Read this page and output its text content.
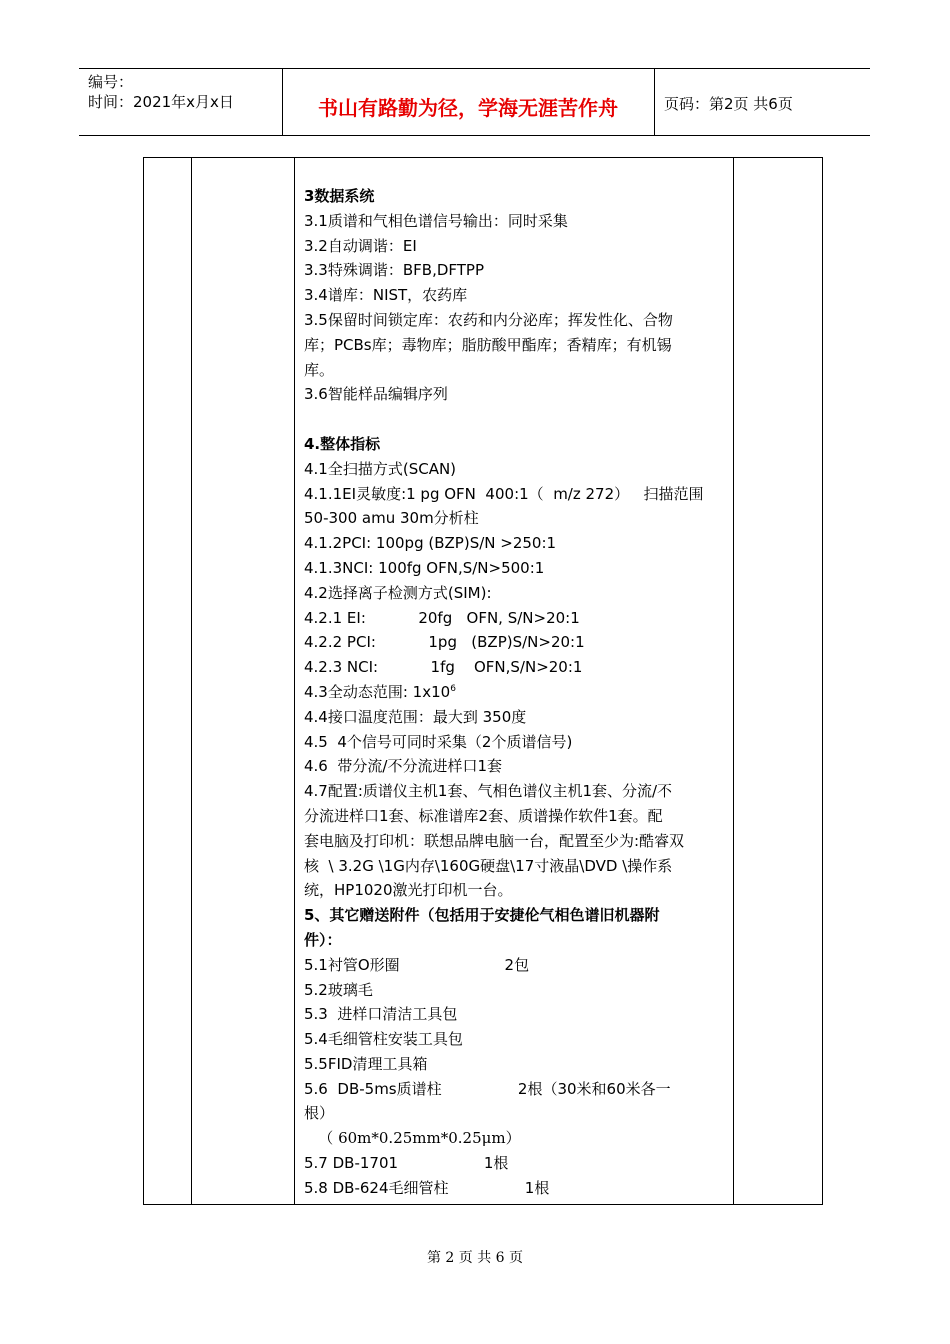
编号：
时间：2021年x月x日	书山有路勤为径，学海无涯苦作舟	页码：第2页 共6页
3数据系统
3.1质谱和气相色谱信号输出：同时采集
3.2自动调谐：EI
3.3特殊调谐：BFB,DFTPP
3.4谱库：NIST，农药库
3.5保留时间锁定库：农药和内分泌库；挥发性化、合物
库；PCBs库；毒物库；脂肪酸甲酯库；香精库；有机锡
库。
3.6智能样品编辑序列
4.整体指标
4.1全扫描方式(SCAN)
4.1.1EI灵敏度:1 pg OFN  400:1（  m/z 272）   扫描范围
50-300 amu 30m分析柱
4.1.2PCI: 100pg (BZP)S/N >250:1
4.1.3NCI: 100fg OFN,S/N>500:1
4.2选择离子检测方式(SIM):
4.2.1 EI:           20fg   OFN, S/N>20:1
4.2.2 PCI:           1pg   (BZP)S/N>20:1
4.2.3 NCI:           1fg    OFN,S/N>20:1
4.3全动态范围: $1x10^6$
4.4接口温度范围：最大到 350度
4.5  4个信号可同时采集（2个质谱信号)
4.6  带分流/不分流进样口1套
4.7配置:质谱仪主机1套、气相色谱仪主机1套、分流/不
分流进样口1套、标准谱库2套、质谱操作软件1套。配
套电脑及打印机：联想品牌电脑一台，配置至少为:酷睿双
核  \ 3.2G \1G内存\160G硬盘\17寸液晶\DVD \操作系
统，HP1020激光打印机一台。
5、其它赠送附件（包括用于安捷伦气相色谱旧机器附
件）：
5.1衬管O形圈                      2包
5.2玻璃毛
5.3  进样口清洁工具包
5.4毛细管柱安装工具包
5.5FID清理工具箱
5.6  DB-5ms质谱柱                2根（30米和60米各一
根）
（ 60m*0.25mm*0.25μm）
5.7 DB-1701                  1根
5.8 DB-624毛细管柱                1根
第 2 页 共 6 页
